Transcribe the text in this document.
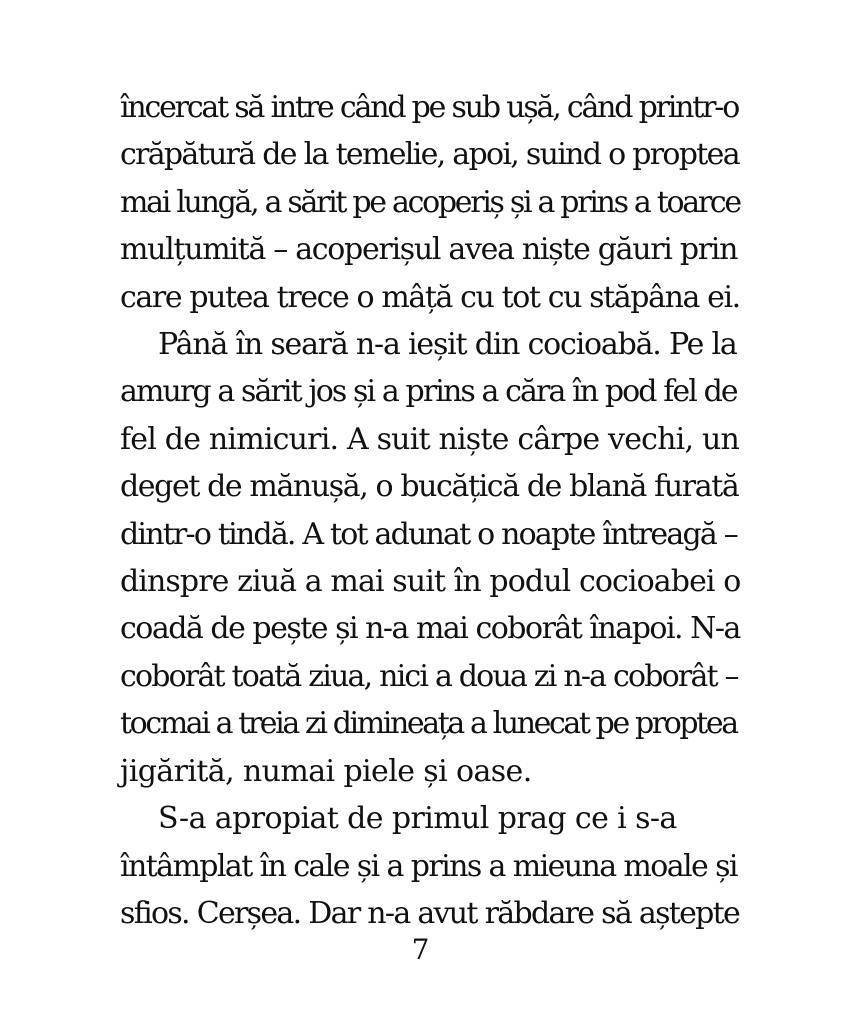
încercat să intre când pe sub ușă, când printr-o
crăpătură de la temelie, apoi, suind o proptea
mai lungă, a sărit pe acoperiș și a prins a toarce
mulțumită – acoperișul avea niște găuri prin
care putea trece o mâță cu tot cu stăpâna ei.
Până în seară n-a ieșit din cocioabă. Pe la
amurg a sărit jos și a prins a căra în pod fel de
fel de nimicuri. A suit niște cârpe vechi, un
deget de mănușă, o bucățică de blană furată
dintr-o tindă. A tot adunat o noapte întreagă –
dinspre ziuă a mai suit în podul cocioabei o
coadă de pește și n-a mai coborât înapoi. N-a
coborât toată ziua, nici a doua zi n-a coborât –
tocmai a treia zi dimineața a lunecat pe proptea
jigărită, numai piele și oase.
S-a apropiat de primul prag ce i s-a
întâmplat în cale și a prins a mieuna moale și
sfios. Cerșea. Dar n-a avut răbdare să aștepte
7
